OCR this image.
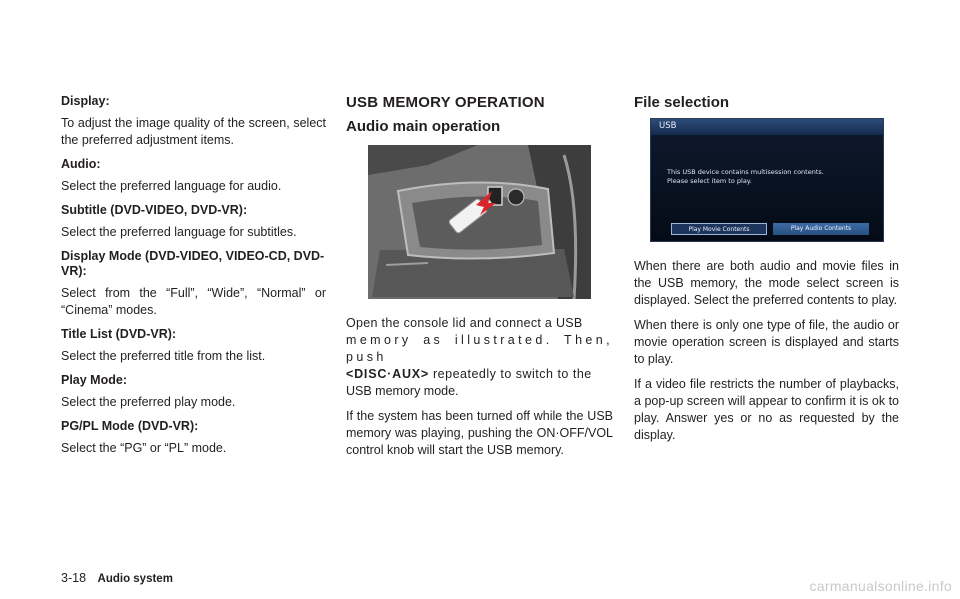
Display:

To adjust the image quality of the screen, select the preferred adjustment items.

Audio:

Select the preferred language for audio.

Subtitle (DVD-VIDEO, DVD-VR):

Select the preferred language for subtitles.

Display Mode (DVD-VIDEO, VIDEO-CD, DVD-VR):

Select from the “Full”, “Wide”, “Normal” or “Cinema” modes.

Title List (DVD-VR):

Select the preferred title from the list.

Play Mode:

Select the preferred play mode.

PG/PL Mode (DVD-VR):

Select the “PG” or “PL” mode.

USB MEMORY OPERATION
Audio main operation

Open the console lid and connect a USB
memory as illustrated. Then, push
<DISC·AUX> repeatedly to switch to the
USB memory mode.

If the system has been turned off while the USB memory was playing, pushing the ON·OFF/VOL control knob will start the USB memory.

File selection
USB
This USB device contains multisession contents.
Please select item to play.
Play Movie Contents	Play Audio Contents

When there are both audio and movie files in the USB memory, the mode select screen is displayed. Select the preferred contents to play.

When there is only one type of file, the audio or movie operation screen is displayed and starts to play.

If a video file restricts the number of playbacks, a pop-up screen will appear to confirm it is ok to play. Answer yes or no as requested by the display.

3-18 Audio system	carmanualsonline.info
